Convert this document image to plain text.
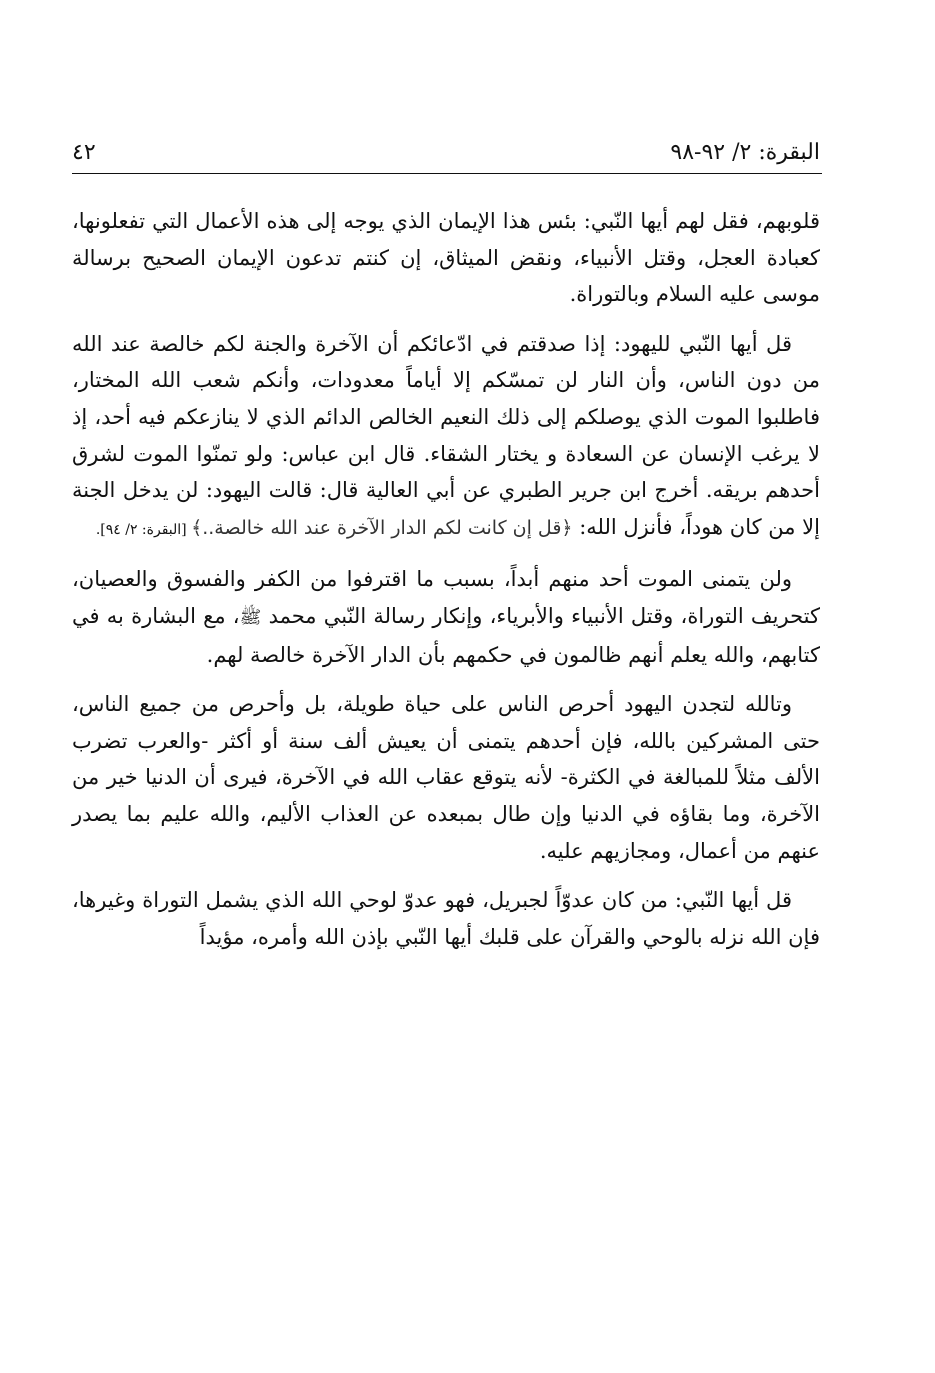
البقرة: ٢/ ٩٢-٩٨
٤٢

قلوبهم، فقل لهم أيها النّبي: بئس هذا الإيمان الذي يوجه إلى هذه الأعمال التي تفعلونها، كعبادة العجل، وقتل الأنبياء، ونقض الميثاق، إن كنتم تدعون الإيمان الصحيح برسالة موسى عليه السلام وبالتوراة.

قل أيها النّبي لليهود: إذا صدقتم في ادّعائكم أن الآخرة والجنة لكم خالصة عند الله من دون الناس، وأن النار لن تمسّكم إلا أياماً معدودات، وأنكم شعب الله المختار، فاطلبوا الموت الذي يوصلكم إلى ذلك النعيم الخالص الدائم الذي لا ينازعكم فيه أحد، إذ لا يرغب الإنسان عن السعادة و يختار الشقاء. قال ابن عباس: ولو تمنّوا الموت لشرق أحدهم بريقه. أخرج ابن جرير الطبري عن أبي العالية قال: قالت اليهود: لن يدخل الجنة إلا من كان هوداً، فأنزل الله: ﴿قل إن كانت لكم الدار الآخرة عند الله خالصة..﴾ [البقرة: ٢/ ٩٤].

ولن يتمنى الموت أحد منهم أبداً، بسبب ما اقترفوا من الكفر والفسوق والعصيان، كتحريف التوراة، وقتل الأنبياء والأبرياء، وإنكار رسالة النّبي محمد ﷺ، مع البشارة به في كتابهم، والله يعلم أنهم ظالمون في حكمهم بأن الدار الآخرة خالصة لهم.

وتالله لتجدن اليهود أحرص الناس على حياة طويلة، بل وأحرص من جميع الناس، حتى المشركين بالله، فإن أحدهم يتمنى أن يعيش ألف سنة أو أكثر -والعرب تضرب الألف مثلاً للمبالغة في الكثرة- لأنه يتوقع عقاب الله في الآخرة، فيرى أن الدنيا خير من الآخرة، وما بقاؤه في الدنيا وإن طال بمبعده عن العذاب الأليم، والله عليم بما يصدر عنهم من أعمال، ومجازيهم عليه.

قل أيها النّبي: من كان عدوّاً لجبريل، فهو عدوّ لوحي الله الذي يشمل التوراة وغيرها، فإن الله نزله بالوحي والقرآن على قلبك أيها النّبي بإذن الله وأمره، مؤيداً
